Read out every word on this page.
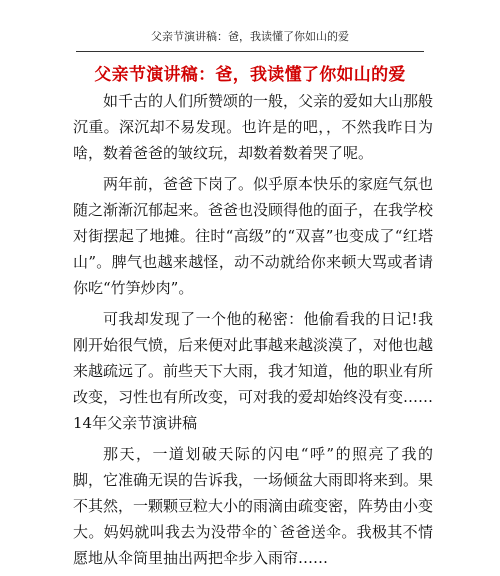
父亲节演讲稿：爸，我读懂了你如山的爱
父亲节演讲稿：爸，我读懂了你如山的爱

如千古的人们所赞颂的一般，父亲的爱如大山那般沉重。深沉却不易发现。也许是的吧，，不然我昨日为啥，数着爸爸的皱纹玩，却数着数着哭了呢。

两年前，爸爸下岗了。似乎原本快乐的家庭气氛也随之渐渐沉郁起来。爸爸也没顾得他的面子，在我学校对街摆起了地摊。往时“高级”的“双喜”也变成了“红塔山”。脾气也越来越怪，动不动就给你来顿大骂或者请你吃“竹笋炒肉”。

可我却发现了一个他的秘密：他偷看我的日记!我刚开始很气愤，后来便对此事越来越淡漠了，对他也越来越疏远了。前些天下大雨，我才知道，他的职业有所改变，习性也有所改变，可对我的爱却始终没有变……14年父亲节演讲稿

那天，一道划破天际的闪电“呼”的照亮了我的脚，它准确无误的告诉我，一场倾盆大雨即将来到。果不其然，一颗颗豆粒大小的雨滴由疏变密，阵势由小变大。妈妈就叫我去为没带伞的`爸爸送伞。我极其不情愿地从伞筒里抽出两把伞步入雨帘……
